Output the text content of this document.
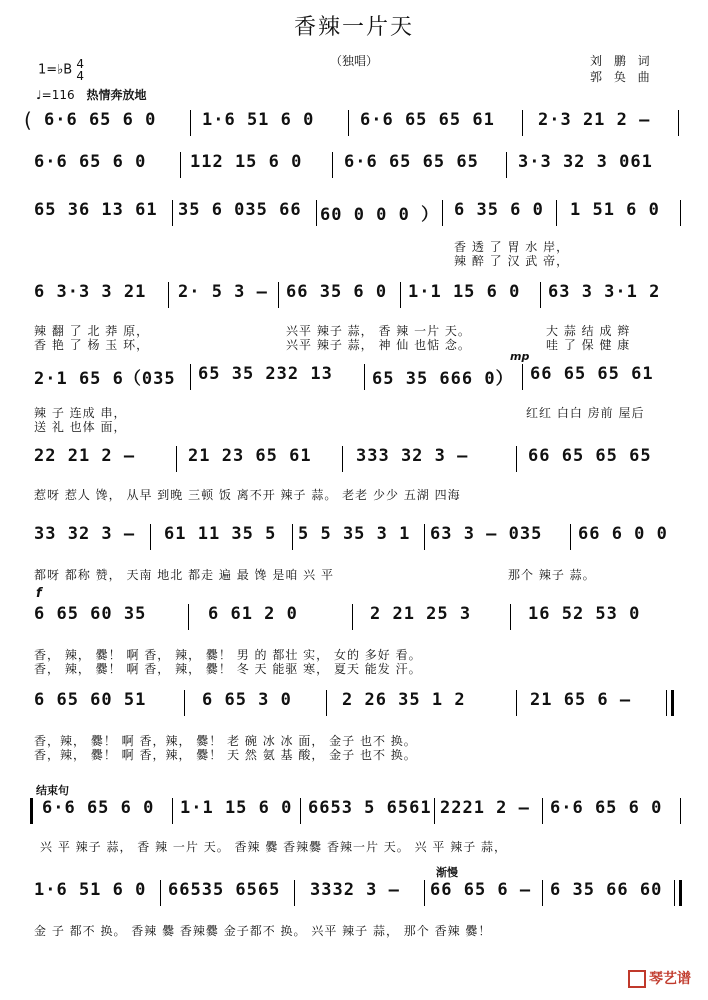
香辣一片天
（独唱）	刘 鹏 词
郭 奂 曲
1=♭B 4
4
♩=116 热情奔放地
( 6·6 65 6 0	1·6 51 6 0	6·6 65 65 61	2·3 21 2 –
6·6 65 6 0	112 15 6 0 6·6 65 65 65 3·3 32 3 061
65 36 13 61 35 6 035 66 60 0 0 0 ） 6 35 6 0 1 51 6 0
香 透 了 胃 水 岸，
辣 醉 了 汉 武 帝，
6 3·3 3 21 2· 5 3 – 66 35 6 0 1·1 15 6 0 63 3 3·1 2
辣 翻 了 北 莽 原，
香 艳 了 杨 玉 环，
兴平 辣子 蒜， 香 辣 一片 天。
兴平 辣子 蒜， 神 仙 也惦 念。
大 蒜 结 成 辫
哇 了 保 健 康
mp
2·1 65 6（035 65 35 232 13 65 35 666 0） 66 65 65 61
辣 子 连成 串，
送 礼 也体 面，
红红 白白 房前 屋后
22 21 2 –	21 23 65 61	333 32 3 –	66 65 65 65
惹呀 惹人 馋， 从早 到晚 三顿 饭 离不开 辣子 蒜。 老老 少少 五湖 四海
33 32 3 – 61 11 35 5 5 5 35 3 1 63 3 – 035 66 6 0 0
都呀 都称 赞， 天南 地北 都走 遍 最 馋 是咱 兴 平	那个 辣子 蒜。
f
6 65 60 35	6 61 2 0	2 21 25 3	16 52 53 0
香， 辣， 爨！ 啊 香， 辣， 爨！ 男 的 都壮 实， 女的 多好 看。
香， 辣， 爨！ 啊 香， 辣， 爨！ 冬 天 能驱 寒， 夏天 能发 汗。
6 65 60 51	6 65 3 0	2 26 35 1 2	21 65 6 –
香，辣， 爨！ 啊 香，辣， 爨！ 老 碗 冰 冰 面， 金子 也不 换。
香，辣， 爨！ 啊 香，辣， 爨！ 天 然 氨 基 酸， 金子 也不 换。
结束句
6·6 65 6 0 1·1 15 6 0 6653 5 6561 2221 2 – 6·6 65 6 0
兴 平 辣子 蒜， 香 辣 一片 天。 香辣 爨 香辣爨 香辣一片 天。 兴 平 辣子 蒜，
渐慢
1·6 51 6 0 66535 6565 3332 3 – 66 65 6 – 6 35 66 60
金 子 都不 换。 香辣 爨 香辣爨 金子都不 换。 兴平 辣子 蒜， 那个 香辣 爨！
琴艺谱
